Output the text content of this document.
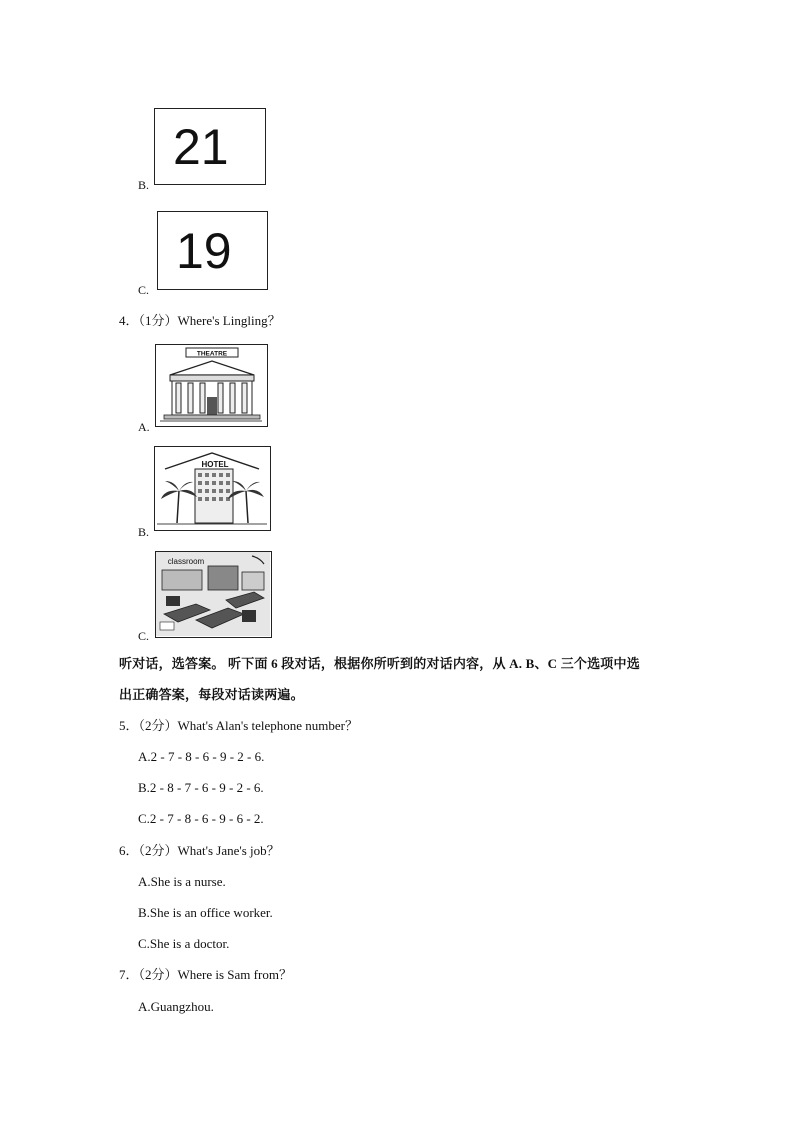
B.
21
C.
19
4．（1分）Where's Lingling？
A.
THEATRE
B.
HOTEL
C.
classroom
听对话，选答案。 听下面 6 段对话，根据你所听到的对话内容，从 A. B、C 三个选项中选
出正确答案，每段对话读两遍。
5．（2分）What's Alan's telephone number？
A.2 - 7 - 8 - 6 - 9 - 2 - 6.
B.2 - 8 - 7 - 6 - 9 - 2 - 6.
C.2 - 7 - 8 - 6 - 9 - 6 - 2.
6．（2分）What's Jane's job？
A.She is a nurse.
B.She is an office worker.
C.She is a doctor.
7．（2分）Where is Sam from？
A.Guangzhou.
